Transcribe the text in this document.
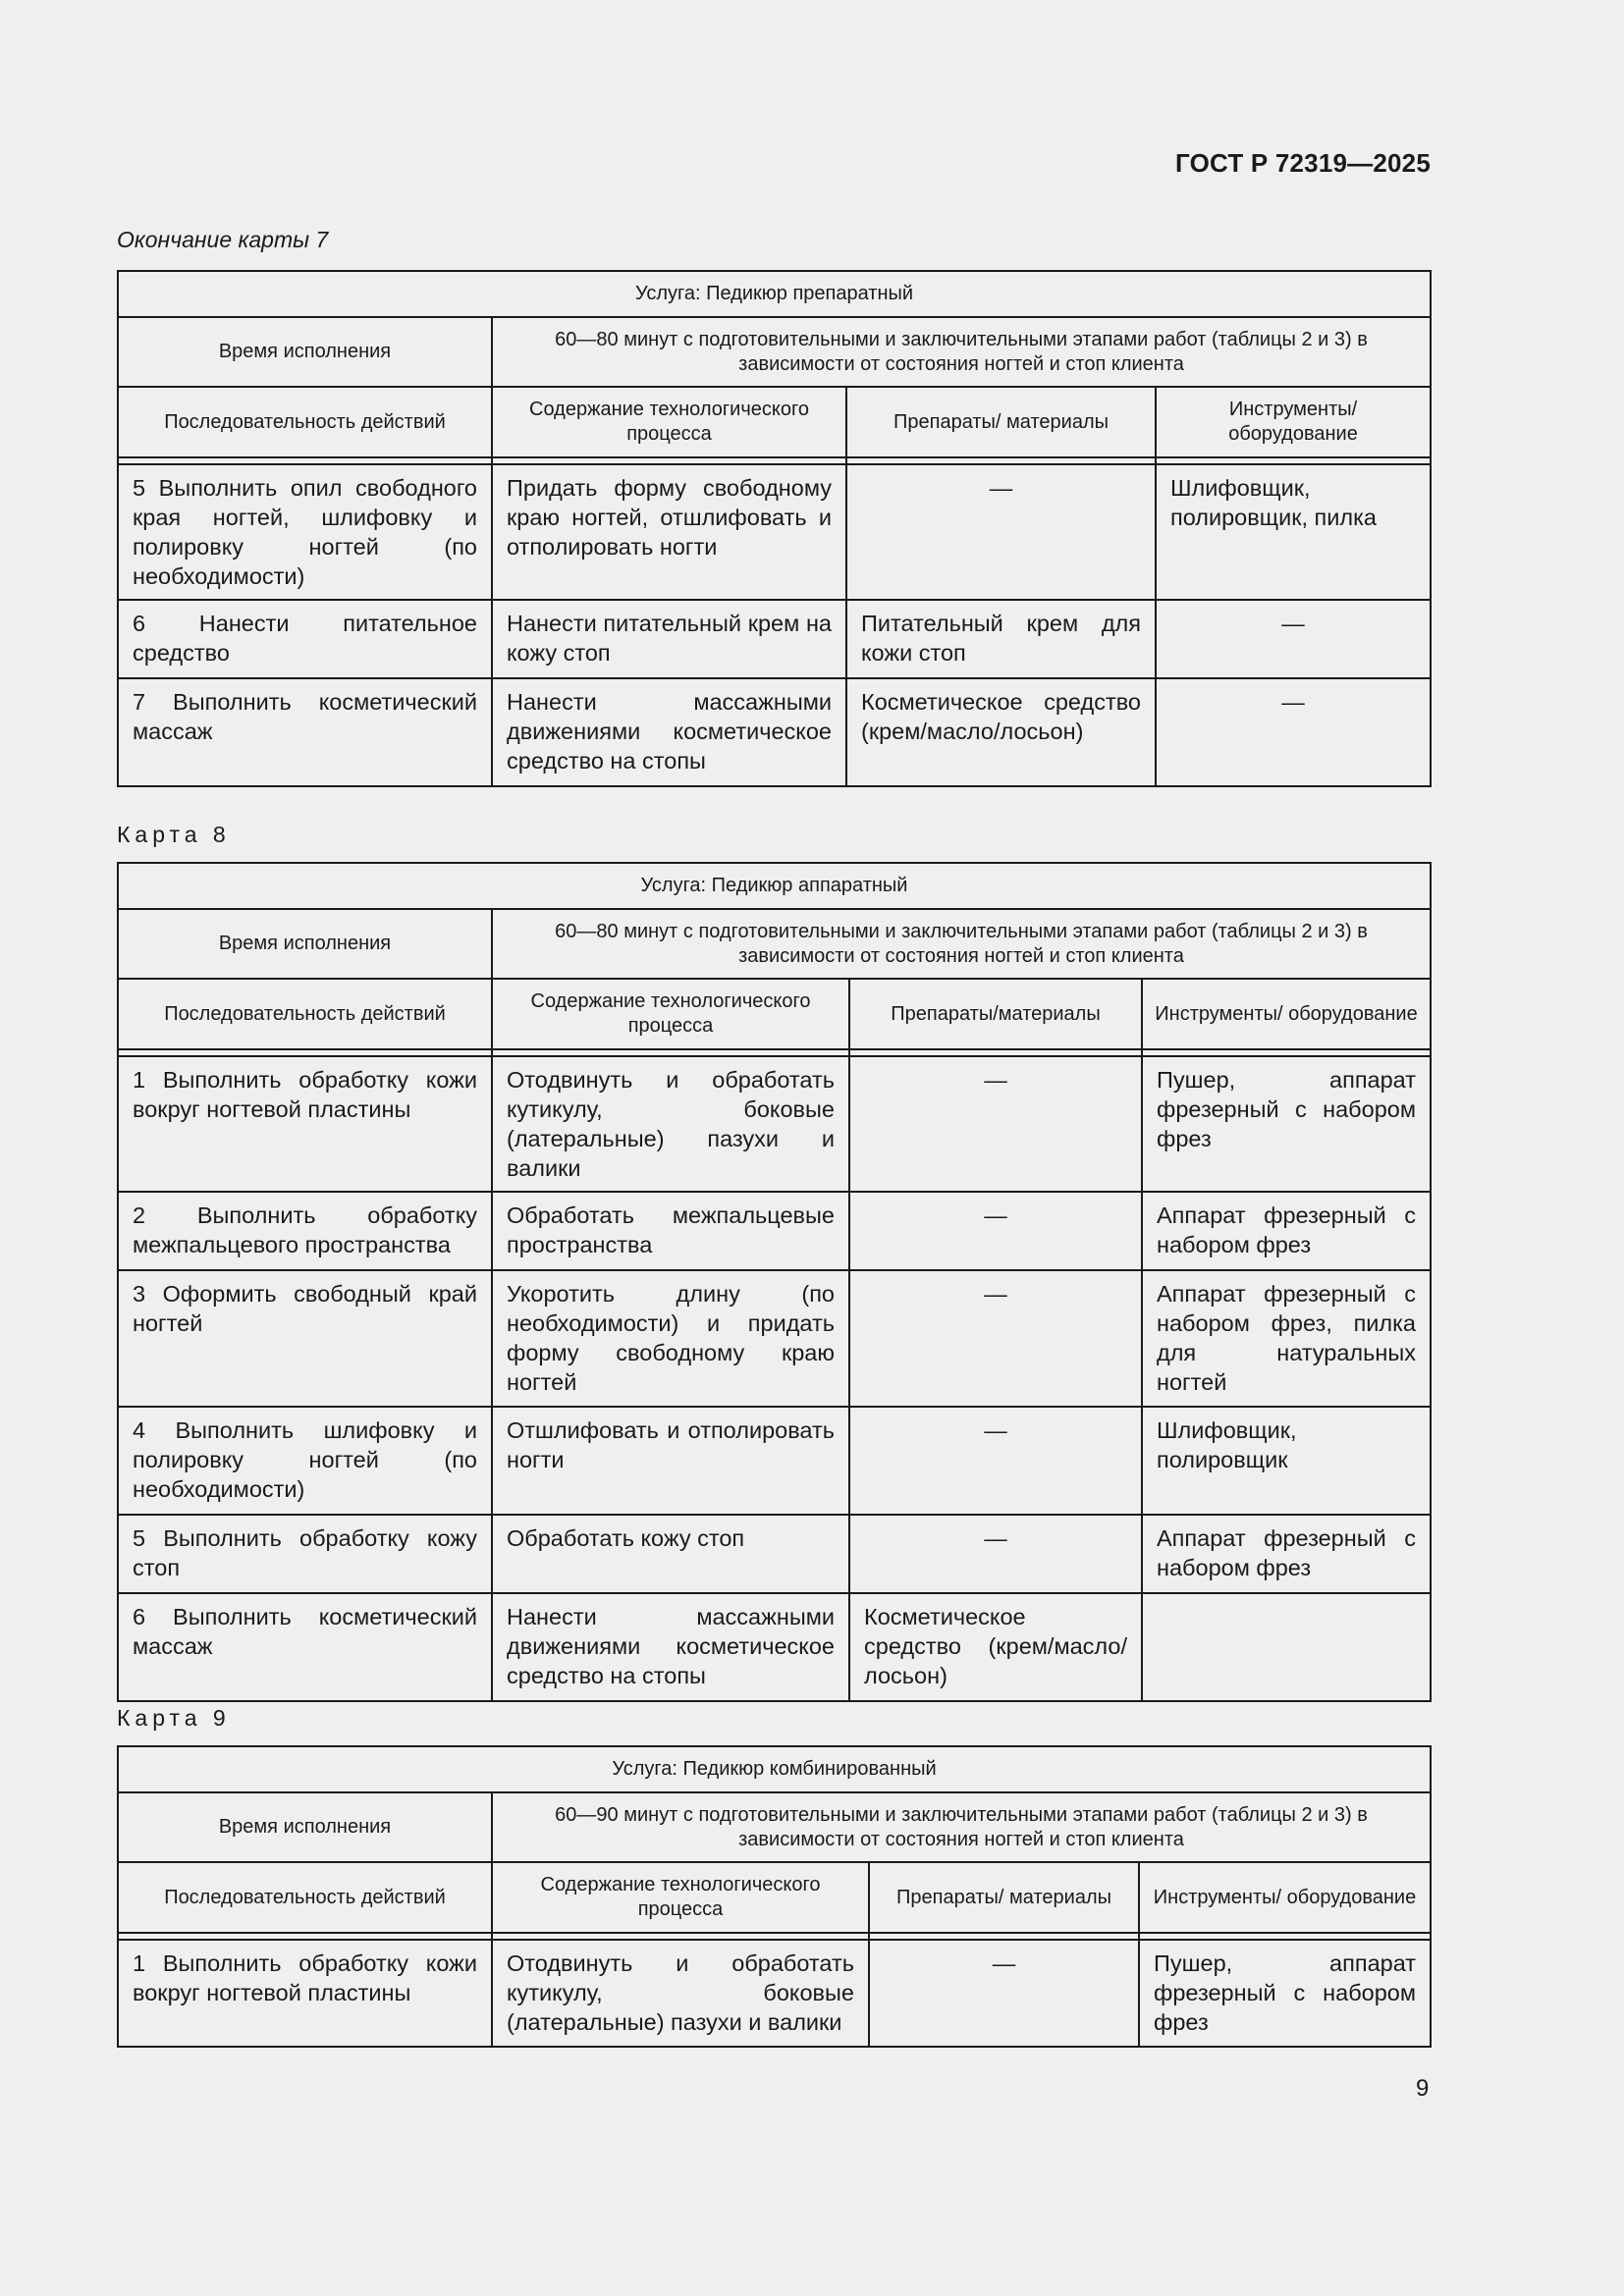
ГОСТ Р 72319—2025
Окончание карты 7
Услуга: Педикюр препаратный			
Время исполнения	60—80 минут с подготовительными и заключительными этапами работ (таблицы 2 и 3) в зависимости от состояния ногтей и стоп клиента		
Последовательность действий	Содержание технологического процесса	Препараты/ материалы	Инструменты/ оборудование

5 Выполнить опил свободного края ногтей, шлифовку и полировку ногтей (по необходимости)	Придать форму свободному краю ногтей, отшлифовать и отполировать ногти	—	Шлифовщик, полировщик, пилка
6 Нанести питательное средство	Нанести питательный крем на кожу стоп	Питательный крем для кожи стоп	—
7 Выполнить косметический массаж	Нанести массажными движениями косметическое средство на стопы	Косметическое средство (крем/масло/лосьон)	—
Карта 8
Услуга: Педикюр аппаратный			
Время исполнения	60—80 минут с подготовительными и заключительными этапами работ (таблицы 2 и 3) в зависимости от состояния ногтей и стоп клиента		
Последовательность действий	Содержание технологического процесса	Препараты/материалы	Инструменты/ оборудование

1 Выполнить обработку кожи вокруг ногтевой пластины	Отодвинуть и обработать кутикулу, боковые (латеральные) пазухи и валики	—	Пушер, аппарат фрезерный с набором фрез
2 Выполнить обработку межпальцевого пространства	Обработать межпальцевые пространства	—	Аппарат фрезерный с набором фрез
3 Оформить свободный край ногтей	Укоротить длину (по необходимости) и придать форму свободному краю ногтей	—	Аппарат фрезерный с набором фрез, пилка для натуральных ногтей
4 Выполнить шлифовку и полировку ногтей (по необходимости)	Отшлифовать и отполировать ногти	—	Шлифовщик, полировщик
5 Выполнить обработку кожу стоп	Обработать кожу стоп	—	Аппарат фрезерный с набором фрез
6 Выполнить косметический массаж	Нанести массажными движениями косметическое средство на стопы	Косметическое средство (крем/масло/лосьон)	
Карта 9
Услуга: Педикюр комбинированный			
Время исполнения	60—90 минут с подготовительными и заключительными этапами работ (таблицы 2 и 3) в зависимости от состояния ногтей и стоп клиента		
Последовательность действий	Содержание технологического процесса	Препараты/ материалы	Инструменты/ оборудование

1 Выполнить обработку кожи вокруг ногтевой пластины	Отодвинуть и обработать кутикулу, боковые (латеральные) пазухи и валики	—	Пушер, аппарат фрезерный с набором фрез
9
